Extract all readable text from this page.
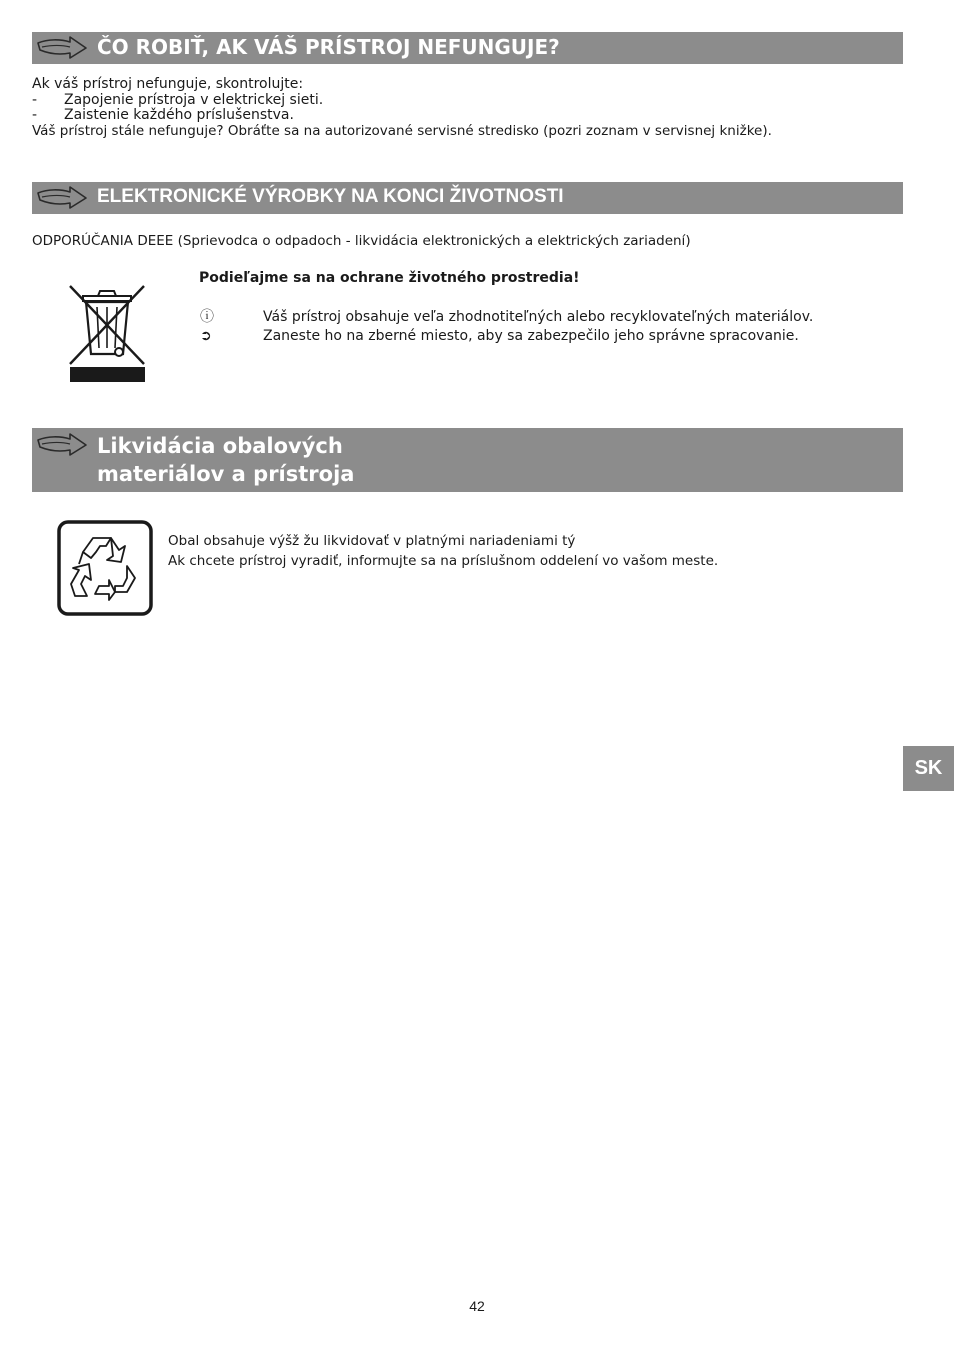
ČO ROBIŤ, AK VÁŠ PRÍSTROJ NEFUNGUJE?
Ak váš prístroj nefunguje, skontrolujte:
- Zapojenie prístroja v elektrickej sieti.
- Zaistenie každého príslušenstva.
Váš prístroj stále nefunguje? Obráťte sa na autorizované servisné stredisko (pozri zoznam v servisnej knižke).
ELEKTRONICKÉ VÝROBKY NA KONCI ŽIVOTNOSTI
ODPORÚČANIA DEEE (Sprievodca o odpadoch - likvidácia elektronických a elektrických zariadení)
Podieľajme sa na ochrane životného prostredia!
ⓘ	Váš prístroj obsahuje veľa zhodnotiteľných alebo recyklovateľných materiálov.
➲	Zaneste ho na zberné miesto, aby sa zabezpečilo jeho správne spracovanie.
Likvidácia obalových
materiálov a prístroja
Obal obsahuje výšž žu likvidovať v platnými nariadeniami tý
Ak chcete prístroj vyradiť, informujte sa na príslušnom oddelení vo vašom meste.
SK
42
